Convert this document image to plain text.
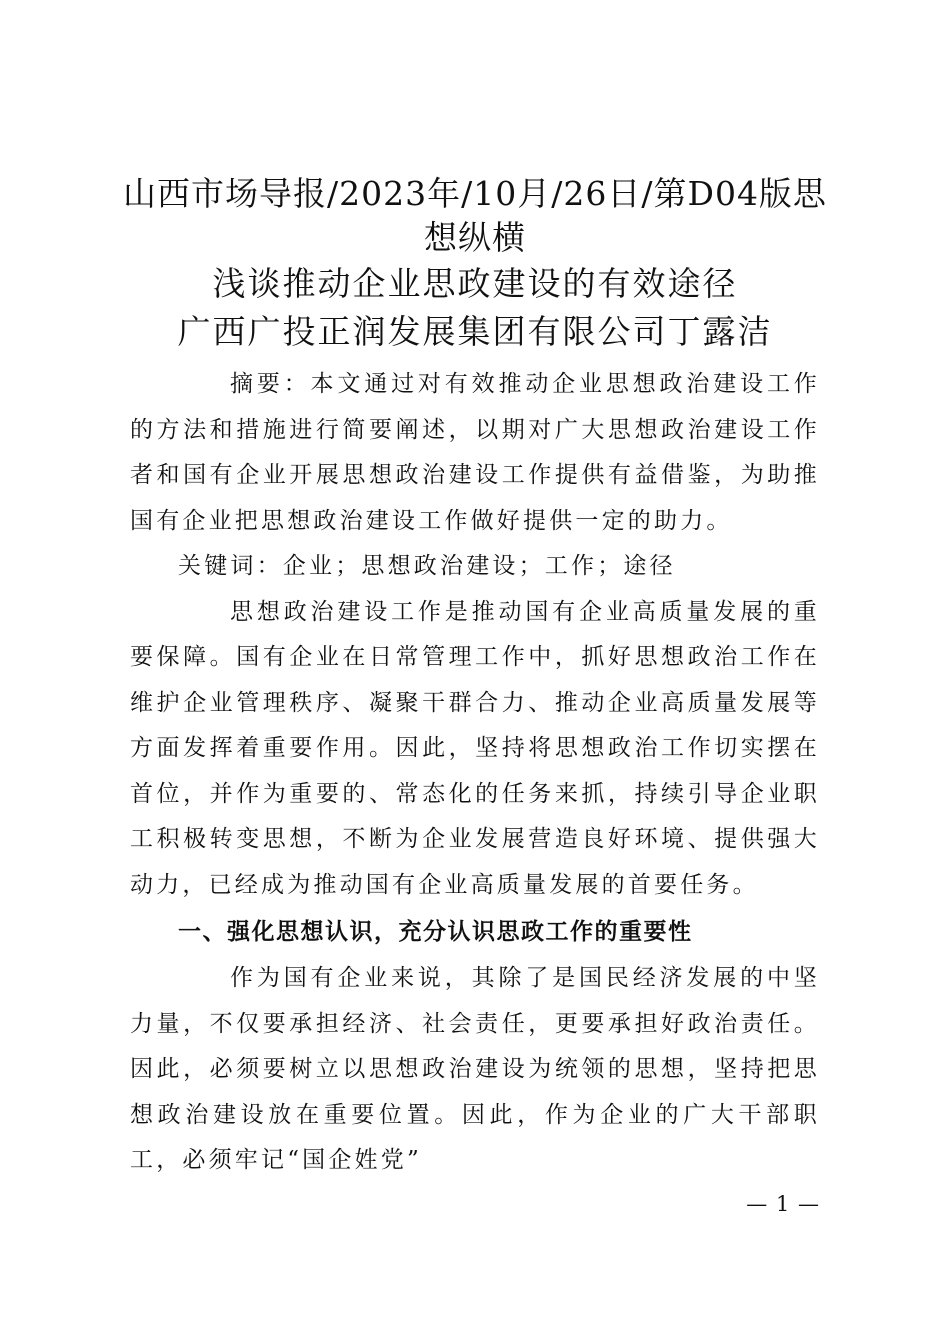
山西市场导报/2023年/10月/26日/第D04版思想纵横

浅谈推动企业思政建设的有效途径

广西广投正润发展集团有限公司丁露洁

摘要：本文通过对有效推动企业思想政治建设工作的方法和措施进行简要阐述，以期对广大思想政治建设工作者和国有企业开展思想政治建设工作提供有益借鉴，为助推国有企业把思想政治建设工作做好提供一定的助力。

关键词：企业；思想政治建设；工作；途径

思想政治建设工作是推动国有企业高质量发展的重要保障。国有企业在日常管理工作中，抓好思想政治工作在维护企业管理秩序、凝聚干群合力、推动企业高质量发展等方面发挥着重要作用。因此，坚持将思想政治工作切实摆在首位，并作为重要的、常态化的任务来抓，持续引导企业职工积极转变思想，不断为企业发展营造良好环境、提供强大动力，已经成为推动国有企业高质量发展的首要任务。

一、强化思想认识，充分认识思政工作的重要性

作为国有企业来说，其除了是国民经济发展的中坚力量，不仅要承担经济、社会责任，更要承担好政治责任。因此，必须要树立以思想政治建设为统领的思想，坚持把思想政治建设放在重要位置。因此，作为企业的广大干部职工，必须牢记“国企姓党”

— 1 —
